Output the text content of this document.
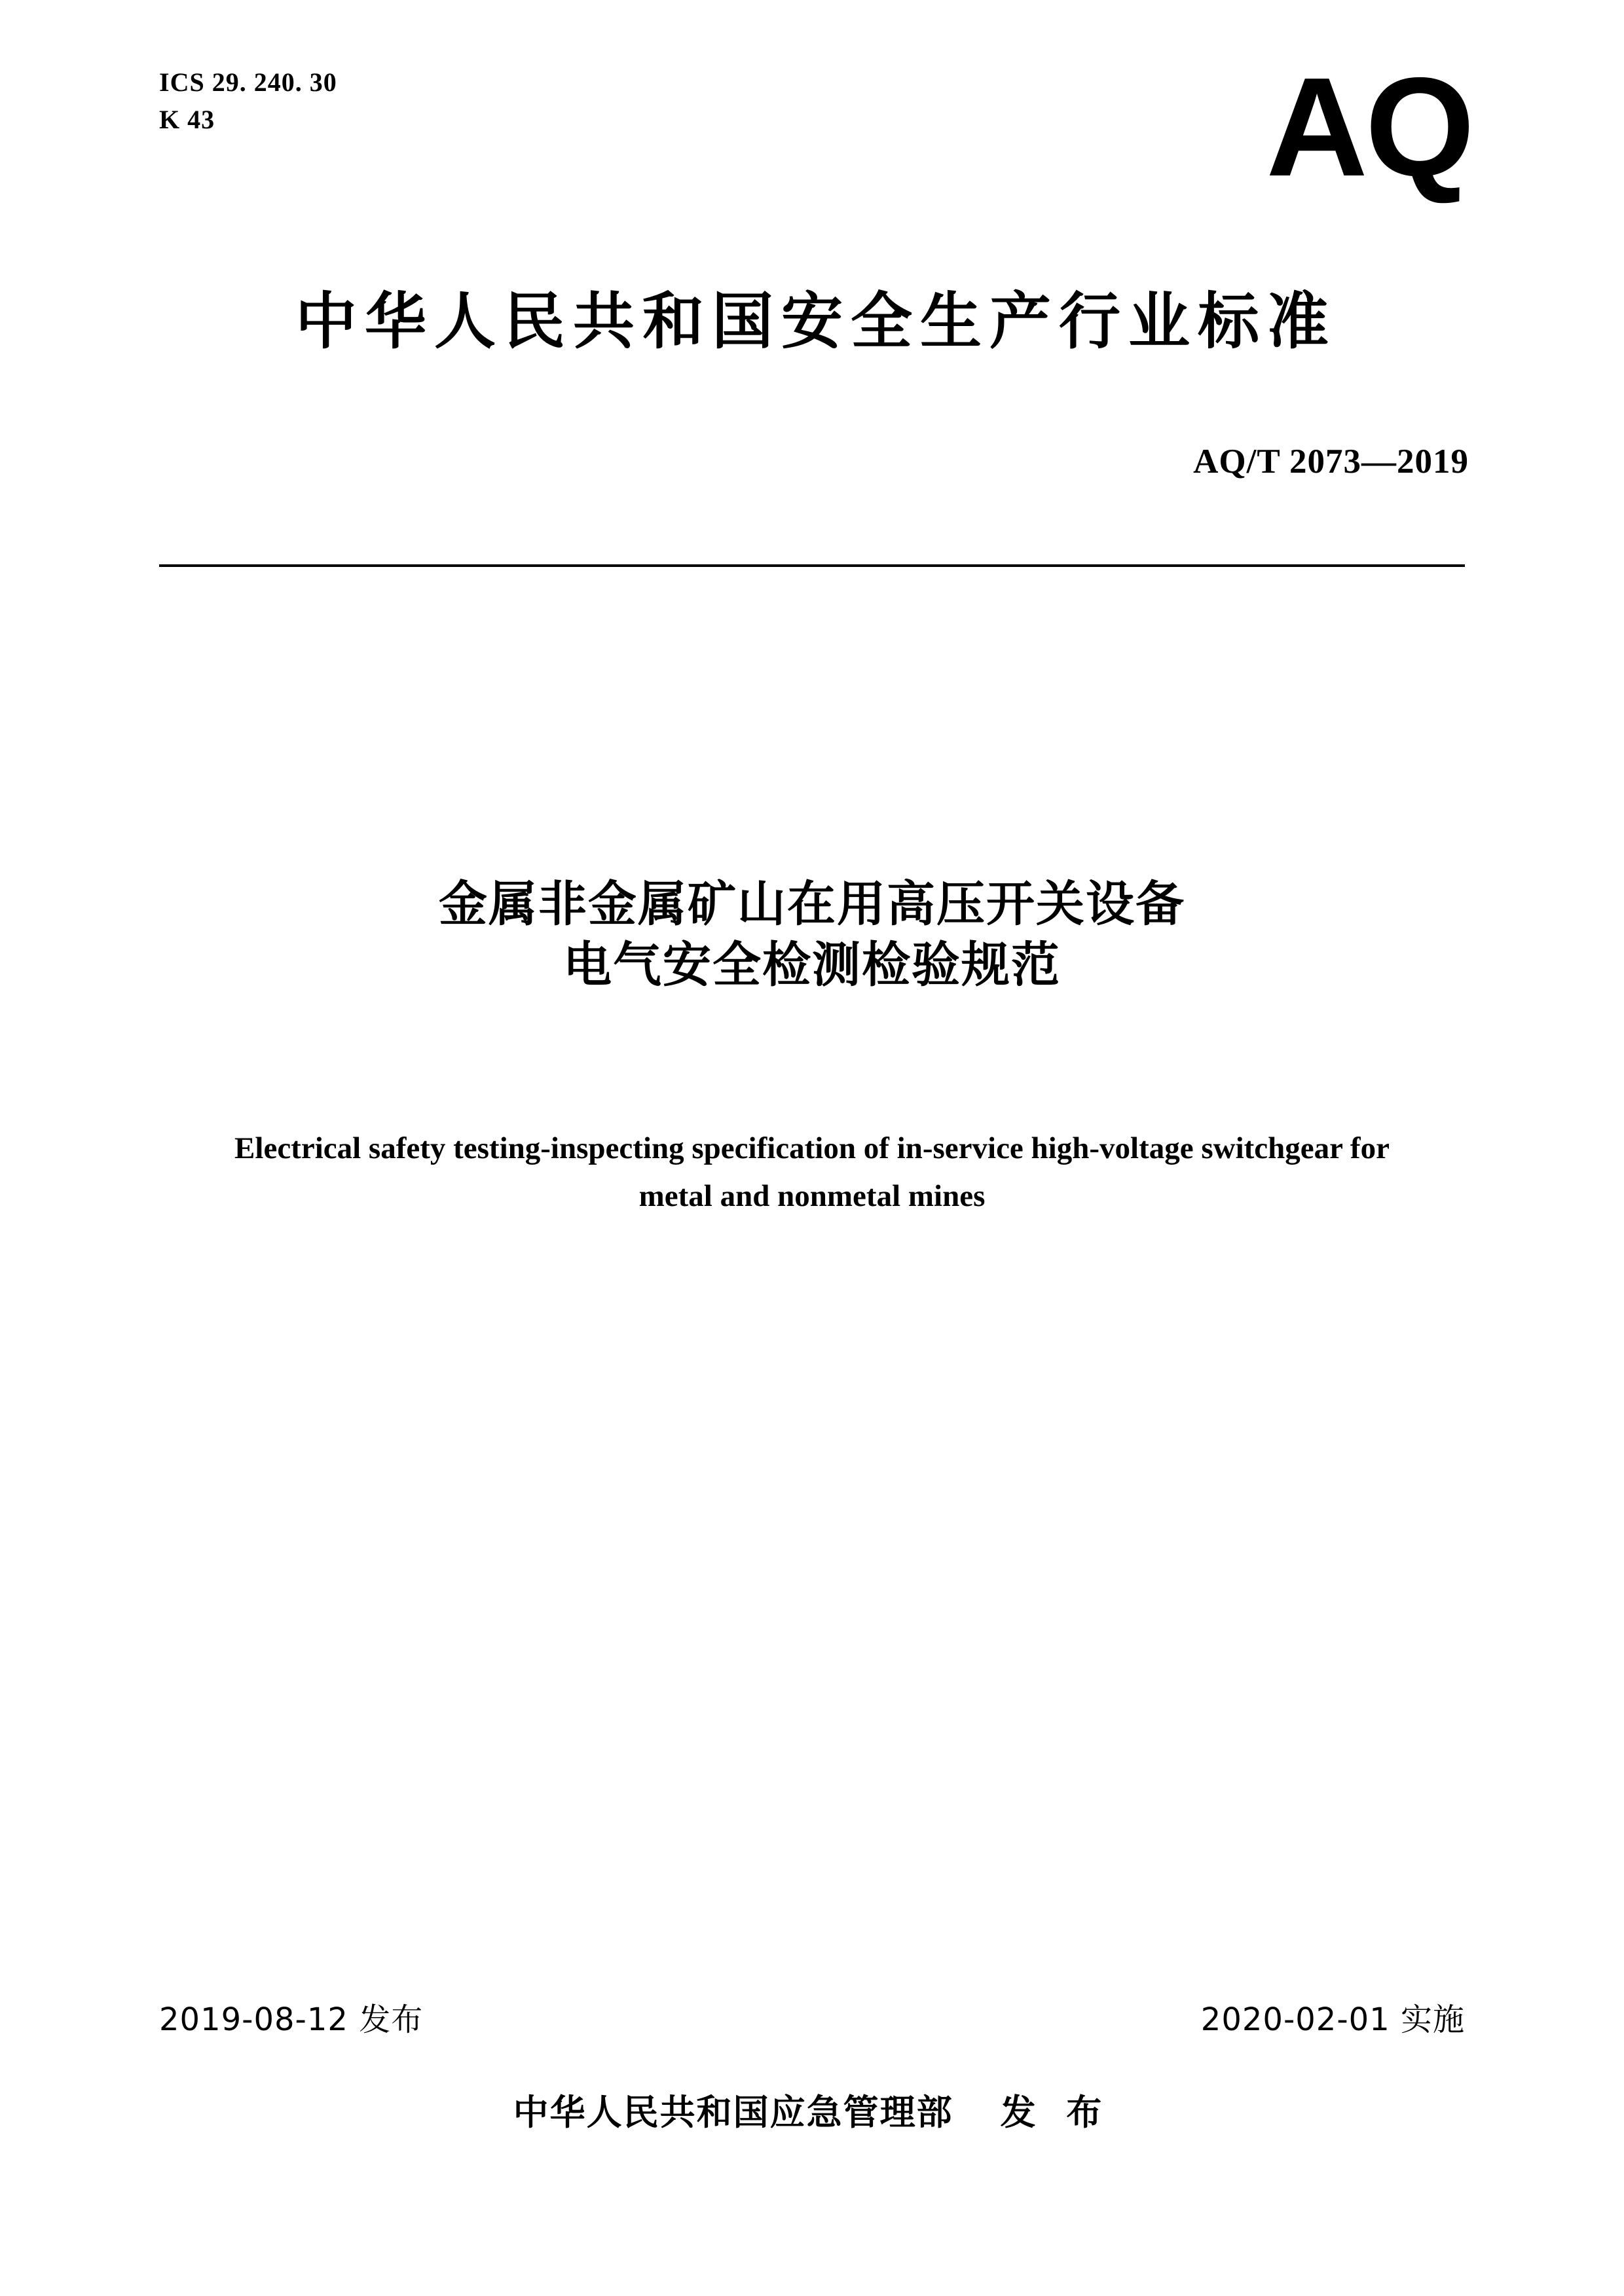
ICS 29. 240. 30
K 43	AQ
中华人民共和国安全生产行业标准
AQ/T 2073—2019
金属非金属矿山在用高压开关设备
电气安全检测检验规范
Electrical safety testing-inspecting specification of in-service high-voltage switchgear for
metal and nonmetal mines
2019-08-12 发布	2020-02-01 实施
中华人民共和国应急管理部 发 布
